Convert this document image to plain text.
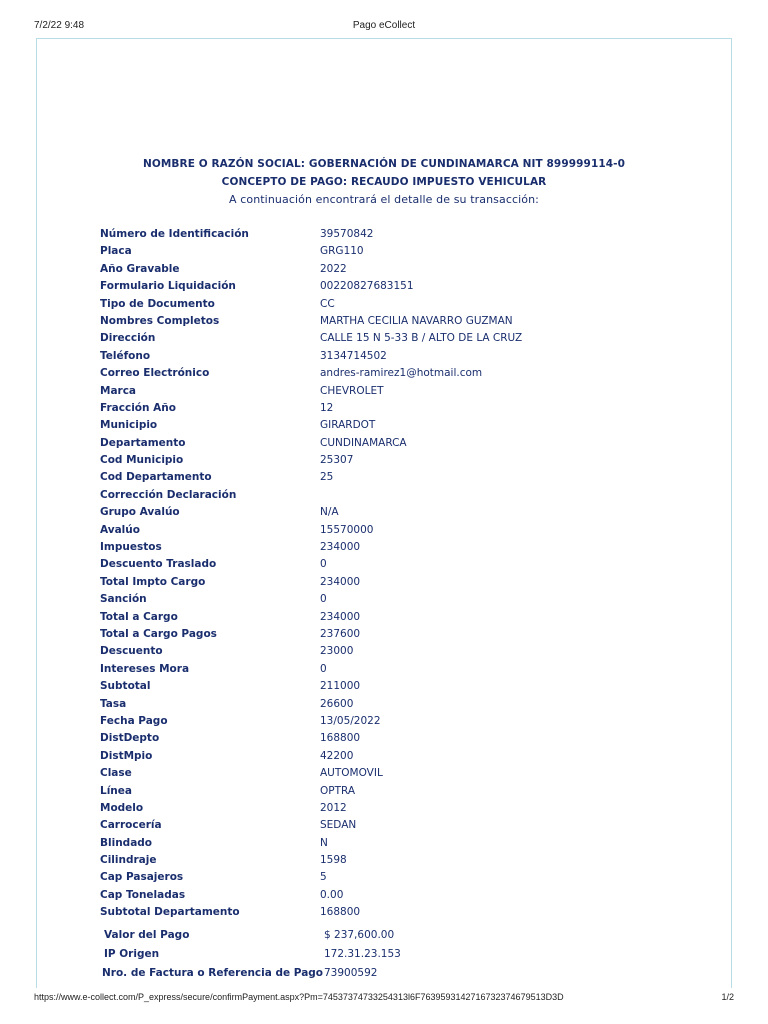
7/2/22 9:48	Pago eCollect
NOMBRE O RAZÓN SOCIAL: GOBERNACIÓN DE CUNDINAMARCA NIT 899999114-0
CONCEPTO DE PAGO: RECAUDO IMPUESTO VEHICULAR
A continuación encontrará el detalle de su transacción:
Número de Identificación	39570842
Placa	GRG110
Año Gravable	2022
Formulario Liquidación	00220827683151
Tipo de Documento	CC
Nombres Completos	MARTHA CECILIA NAVARRO GUZMAN
Dirección	CALLE 15 N 5-33 B / ALTO DE LA CRUZ
Teléfono	3134714502
Correo Electrónico	andres-ramirez1@hotmail.com
Marca	CHEVROLET
Fracción Año	12
Municipio	GIRARDOT
Departamento	CUNDINAMARCA
Cod Municipio	25307
Cod Departamento	25
Corrección Declaración
Grupo Avalúo	N/A
Avalúo	15570000
Impuestos	234000
Descuento Traslado	0
Total Impto Cargo	234000
Sanción	0
Total a Cargo	234000
Total a Cargo Pagos	237600
Descuento	23000
Intereses Mora	0
Subtotal	211000
Tasa	26600
Fecha Pago	13/05/2022
DistDepto	168800
DistMpio	42200
Clase	AUTOMOVIL
Línea	OPTRA
Modelo	2012
Carrocería	SEDAN
Blindado	N
Cilindraje	1598
Cap Pasajeros	5
Cap Toneladas	0.00
Subtotal Departamento	168800
Valor del Pago	$ 237,600.00
IP Origen	172.31.23.153
Nro. de Factura o Referencia de Pago 73900592
https://www.e-collect.com/P_express/secure/confirmPayment.aspx?Pm=74537374733254313l6F7639593142716732374679513D3D	1/2
